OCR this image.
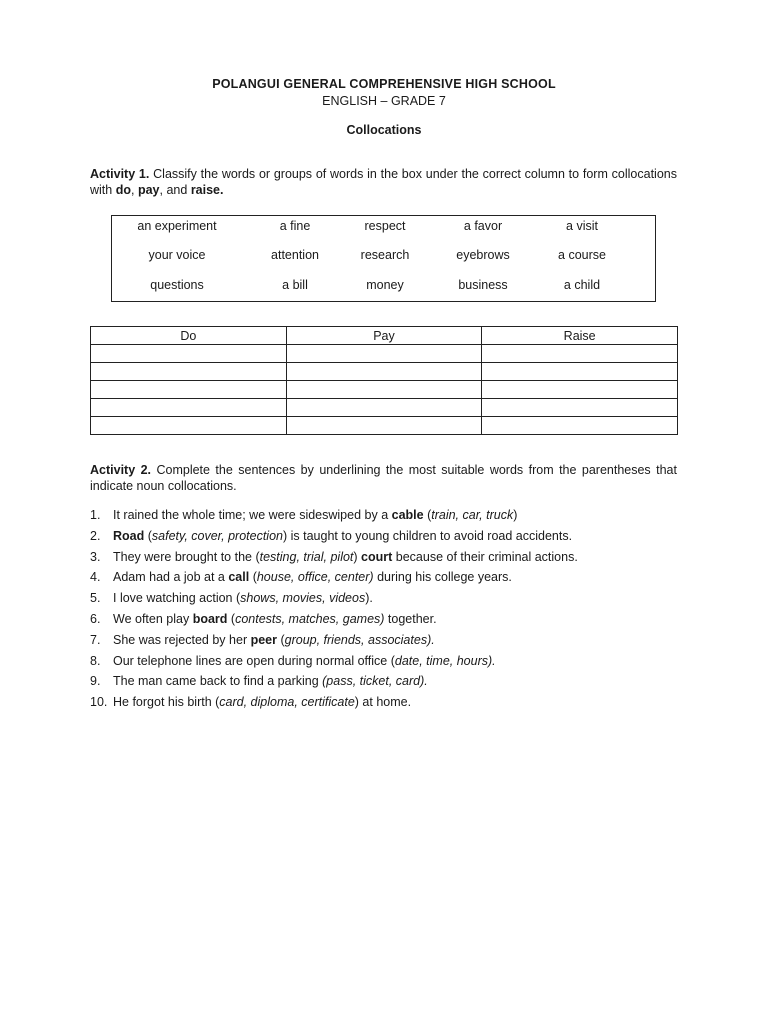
POLANGUI GENERAL COMPREHENSIVE HIGH SCHOOL
ENGLISH – GRADE 7
Collocations
Activity 1. Classify the words or groups of words in the box under the correct column to form collocations with do, pay, and raise.
an experiment	a fine	respect	a favor	a visit
your voice	attention	research	eyebrows	a course
questions	a bill	money	business	a child
Do	Pay	Raise

Activity 2. Complete the sentences by underlining the most suitable words from the parentheses that indicate noun collocations.
1. It rained the whole time; we were sideswiped by a cable (train, car, truck)
2. Road (safety, cover, protection) is taught to young children to avoid road accidents.
3. They were brought to the (testing, trial, pilot) court because of their criminal actions.
4. Adam had a job at a call (house, office, center) during his college years.
5. I love watching action (shows, movies, videos).
6. We often play board (contests, matches, games) together.
7. She was rejected by her peer (group, friends, associates).
8. Our telephone lines are open during normal office (date, time, hours).
9. The man came back to find a parking (pass, ticket, card).
10. He forgot his birth (card, diploma, certificate) at home.
